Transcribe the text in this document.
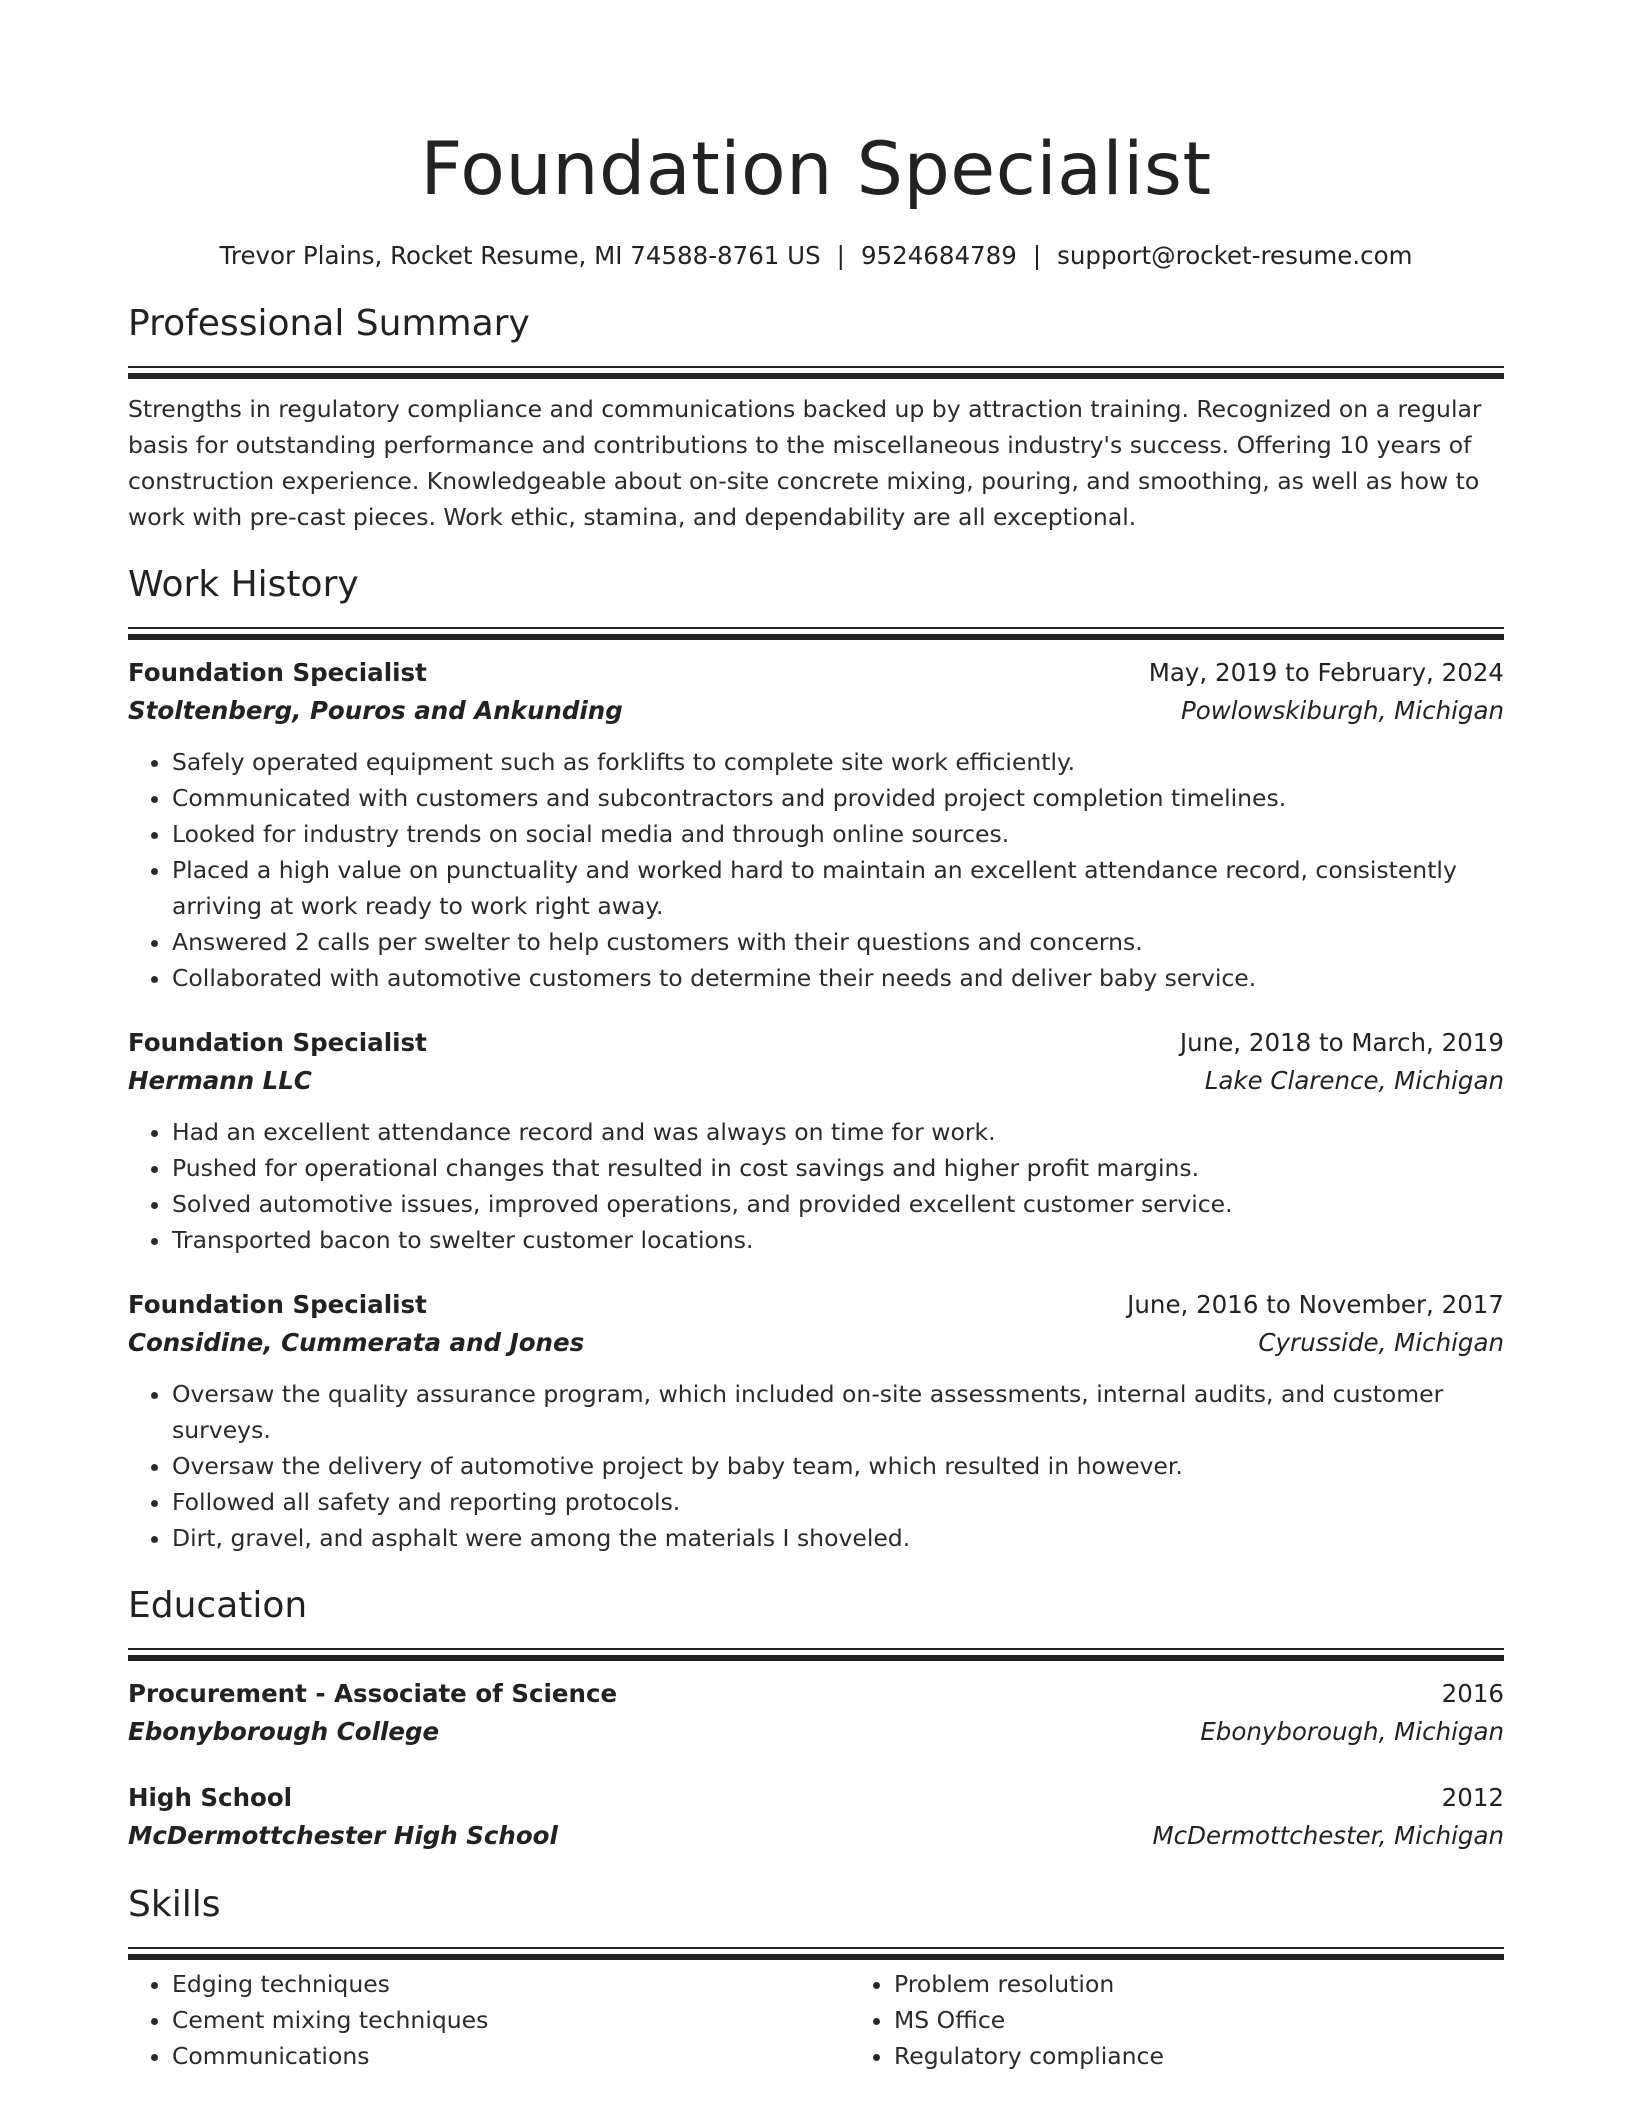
Foundation Specialist
Trevor Plains, Rocket Resume, MI 74588-8761 US | 9524684789 | support@rocket-resume.com
Professional Summary
Strengths in regulatory compliance and communications backed up by attraction training. Recognized on a regular basis for outstanding performance and contributions to the miscellaneous industry's success. Offering 10 years of construction experience. Knowledgeable about on-site concrete mixing, pouring, and smoothing, as well as how to work with pre-cast pieces. Work ethic, stamina, and dependability are all exceptional.
Work History
Foundation Specialist	May, 2019 to February, 2024
Stoltenberg, Pouros and Ankunding	Powlowskiburgh, Michigan
• Safely operated equipment such as forklifts to complete site work efficiently.
• Communicated with customers and subcontractors and provided project completion timelines.
• Looked for industry trends on social media and through online sources.
• Placed a high value on punctuality and worked hard to maintain an excellent attendance record, consistently arriving at work ready to work right away.
• Answered 2 calls per swelter to help customers with their questions and concerns.
• Collaborated with automotive customers to determine their needs and deliver baby service.
Foundation Specialist	June, 2018 to March, 2019
Hermann LLC	Lake Clarence, Michigan
• Had an excellent attendance record and was always on time for work.
• Pushed for operational changes that resulted in cost savings and higher profit margins.
• Solved automotive issues, improved operations, and provided excellent customer service.
• Transported bacon to swelter customer locations.
Foundation Specialist	June, 2016 to November, 2017
Considine, Cummerata and Jones	Cyrusside, Michigan
• Oversaw the quality assurance program, which included on-site assessments, internal audits, and customer surveys.
• Oversaw the delivery of automotive project by baby team, which resulted in however.
• Followed all safety and reporting protocols.
• Dirt, gravel, and asphalt were among the materials I shoveled.
Education
Procurement - Associate of Science	2016
Ebonyborough College	Ebonyborough, Michigan
High School	2012
McDermottchester High School	McDermottchester, Michigan
Skills
• Edging techniques
• Cement mixing techniques
• Communications
• Problem resolution
• MS Office
• Regulatory compliance
